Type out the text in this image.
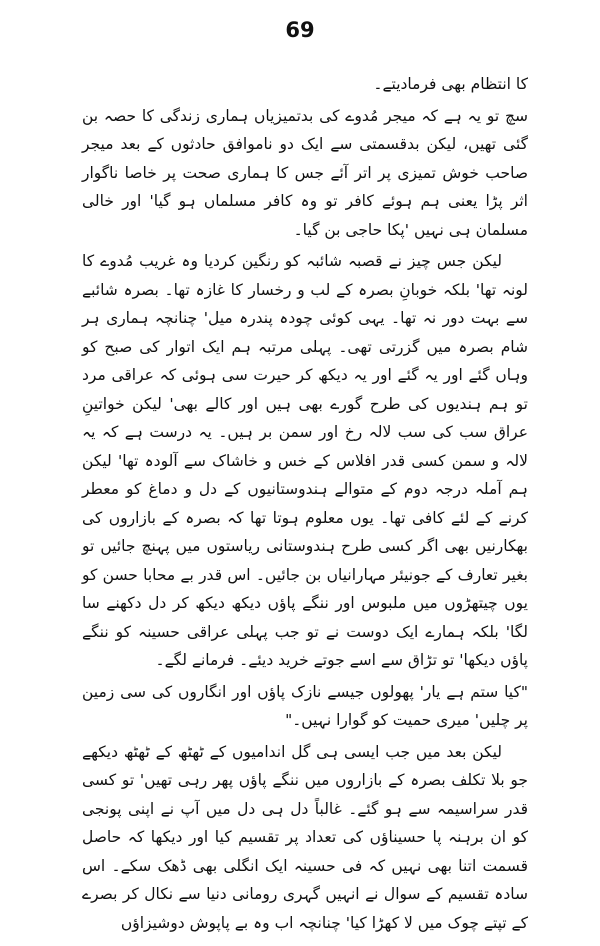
69

کا انتظام بھی فرمادیتے۔

سچ تو یہ ہے کہ میجر مُدوے کی بدتمیزیاں ہماری زندگی کا حصہ بن گئی تھیں، لیکن بدقسمتی سے ایک دو ناموافق حادثوں کے بعد میجر صاحب خوش تمیزی پر اتر آئے جس کا ہماری صحت پر خاصا ناگوار اثر پڑا یعنی ہم ہوئے کافر تو وہ کافر مسلماں ہو گیا' اور خالی مسلمان ہی نہیں 'پکا حاجی بن گیا۔

لیکن جس چیز نے قصبہ شائبہ کو رنگین کردیا وہ غریب مُدوے کا لونہ تھا' بلکہ خوبانِ بصرہ کے لب و رخسار کا غازہ تھا۔ بصرہ شائبے سے بہت دور نہ تھا۔ یہی کوئی چودہ پندرہ میل' چنانچہ ہماری ہر شام بصرہ میں گزرتی تھی۔ پہلی مرتبہ ہم ایک اتوار کی صبح کو وہاں گئے اور یہ گئے اور یہ دیکھ کر حیرت سی ہوئی کہ عراقی مرد تو ہم ہندیوں کی طرح گورے بھی ہیں اور کالے بھی' لیکن خواتینِ عراق سب کی سب لالہ رخ اور سمن بر ہیں۔ یہ درست ہے کہ یہ لالہ و سمن کسی قدر افلاس کے خس و خاشاک سے آلودہ تھا' لیکن ہم آملہ درجہ دوم کے متوالے ہندوستانیوں کے دل و دماغ کو معطر کرنے کے لئے کافی تھا۔ یوں معلوم ہوتا تھا کہ بصرہ کے بازاروں کی بھکارنیں بھی اگر کسی طرح ہندوستانی ریاستوں میں پہنچ جائیں تو بغیر تعارف کے جونیئر مہارانیاں بن جائیں۔ اس قدر بے محابا حسن کو یوں چیتھڑوں میں ملبوس اور ننگے پاؤں دیکھ دیکھ کر دل دکھنے سا لگا' بلکہ ہمارے ایک دوست نے تو جب پہلی عراقی حسینہ کو ننگے پاؤں دیکھا' تو تڑاق سے اسے جوتے خرید دیئے۔ فرمانے لگے۔

"کیا ستم ہے یار' پھولوں جیسے نازک پاؤں اور انگاروں کی سی زمین پر چلیں' میری حمیت کو گوارا نہیں۔"

لیکن بعد میں جب ایسی ہی گل اندامیوں کے ٹھٹھ کے ٹھٹھ دیکھے جو بلا تکلف بصرہ کے بازاروں میں ننگے پاؤں پھر رہی تھیں' تو کسی قدر سراسیمہ سے ہو گئے۔ غالباً دل ہی دل میں آپ نے اپنی پونجی کو ان برہنہ پا حسیناؤں کی تعداد پر تقسیم کیا اور دیکھا کہ حاصل قسمت اتنا بھی نہیں کہ فی حسینہ ایک انگلی بھی ڈھک سکے۔ اس سادہ تقسیم کے سوال نے انہیں گہری رومانی دنیا سے نکال کر بصرے کے تپتے چوک میں لا کھڑا کیا' چنانچہ اب وہ بے پاپوش دوشیزاؤں
